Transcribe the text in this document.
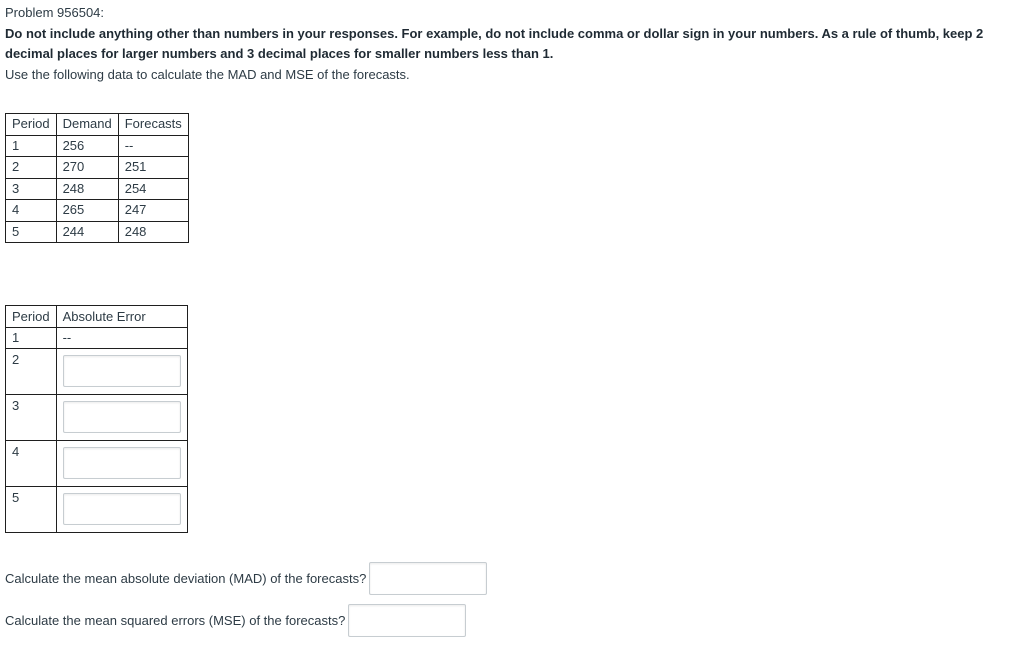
Problem 956504:

Do not include anything other than numbers in your responses. For example, do not include comma or dollar sign in your numbers. As a rule of thumb, keep 2 decimal places for larger numbers and 3 decimal places for smaller numbers less than 1.

Use the following data to calculate the MAD and MSE of the forecasts.

Period	Demand	Forecasts
1	256	--
2	270	251
3	248	254
4	265	247
5	244	248
Period	Absolute Error
1	--
2	

3	

4	

5	
Calculate the mean absolute deviation (MAD) of the forecasts?
Calculate the mean squared errors (MSE) of the forecasts?
